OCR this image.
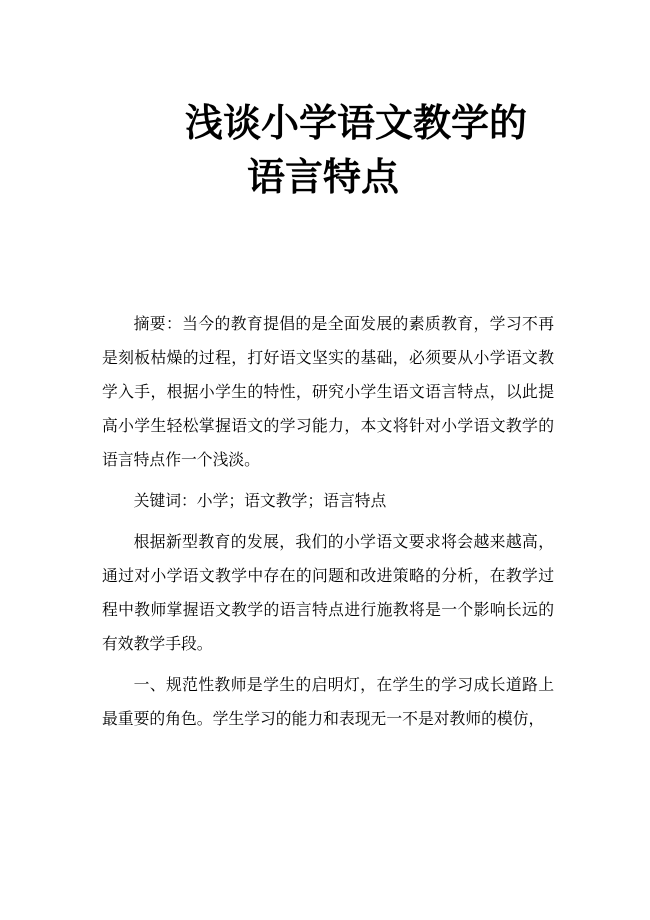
浅谈小学语文教学的
语言特点

摘要：当今的教育提倡的是全面发展的素质教育，学习不再是刻板枯燥的过程，打好语文坚实的基础，必须要从小学语文教学入手，根据小学生的特性，研究小学生语文语言特点，以此提高小学生轻松掌握语文的学习能力，本文将针对小学语文教学的语言特点作一个浅淡。

关键词：小学；语文教学；语言特点

根据新型教育的发展，我们的小学语文要求将会越来越高，通过对小学语文教学中存在的问题和改进策略的分析，在教学过程中教师掌握语文教学的语言特点进行施教将是一个影响长远的有效教学手段。

一、规范性教师是学生的启明灯，在学生的学习成长道路上最重要的角色。学生学习的能力和表现无一不是对教师的模仿，
